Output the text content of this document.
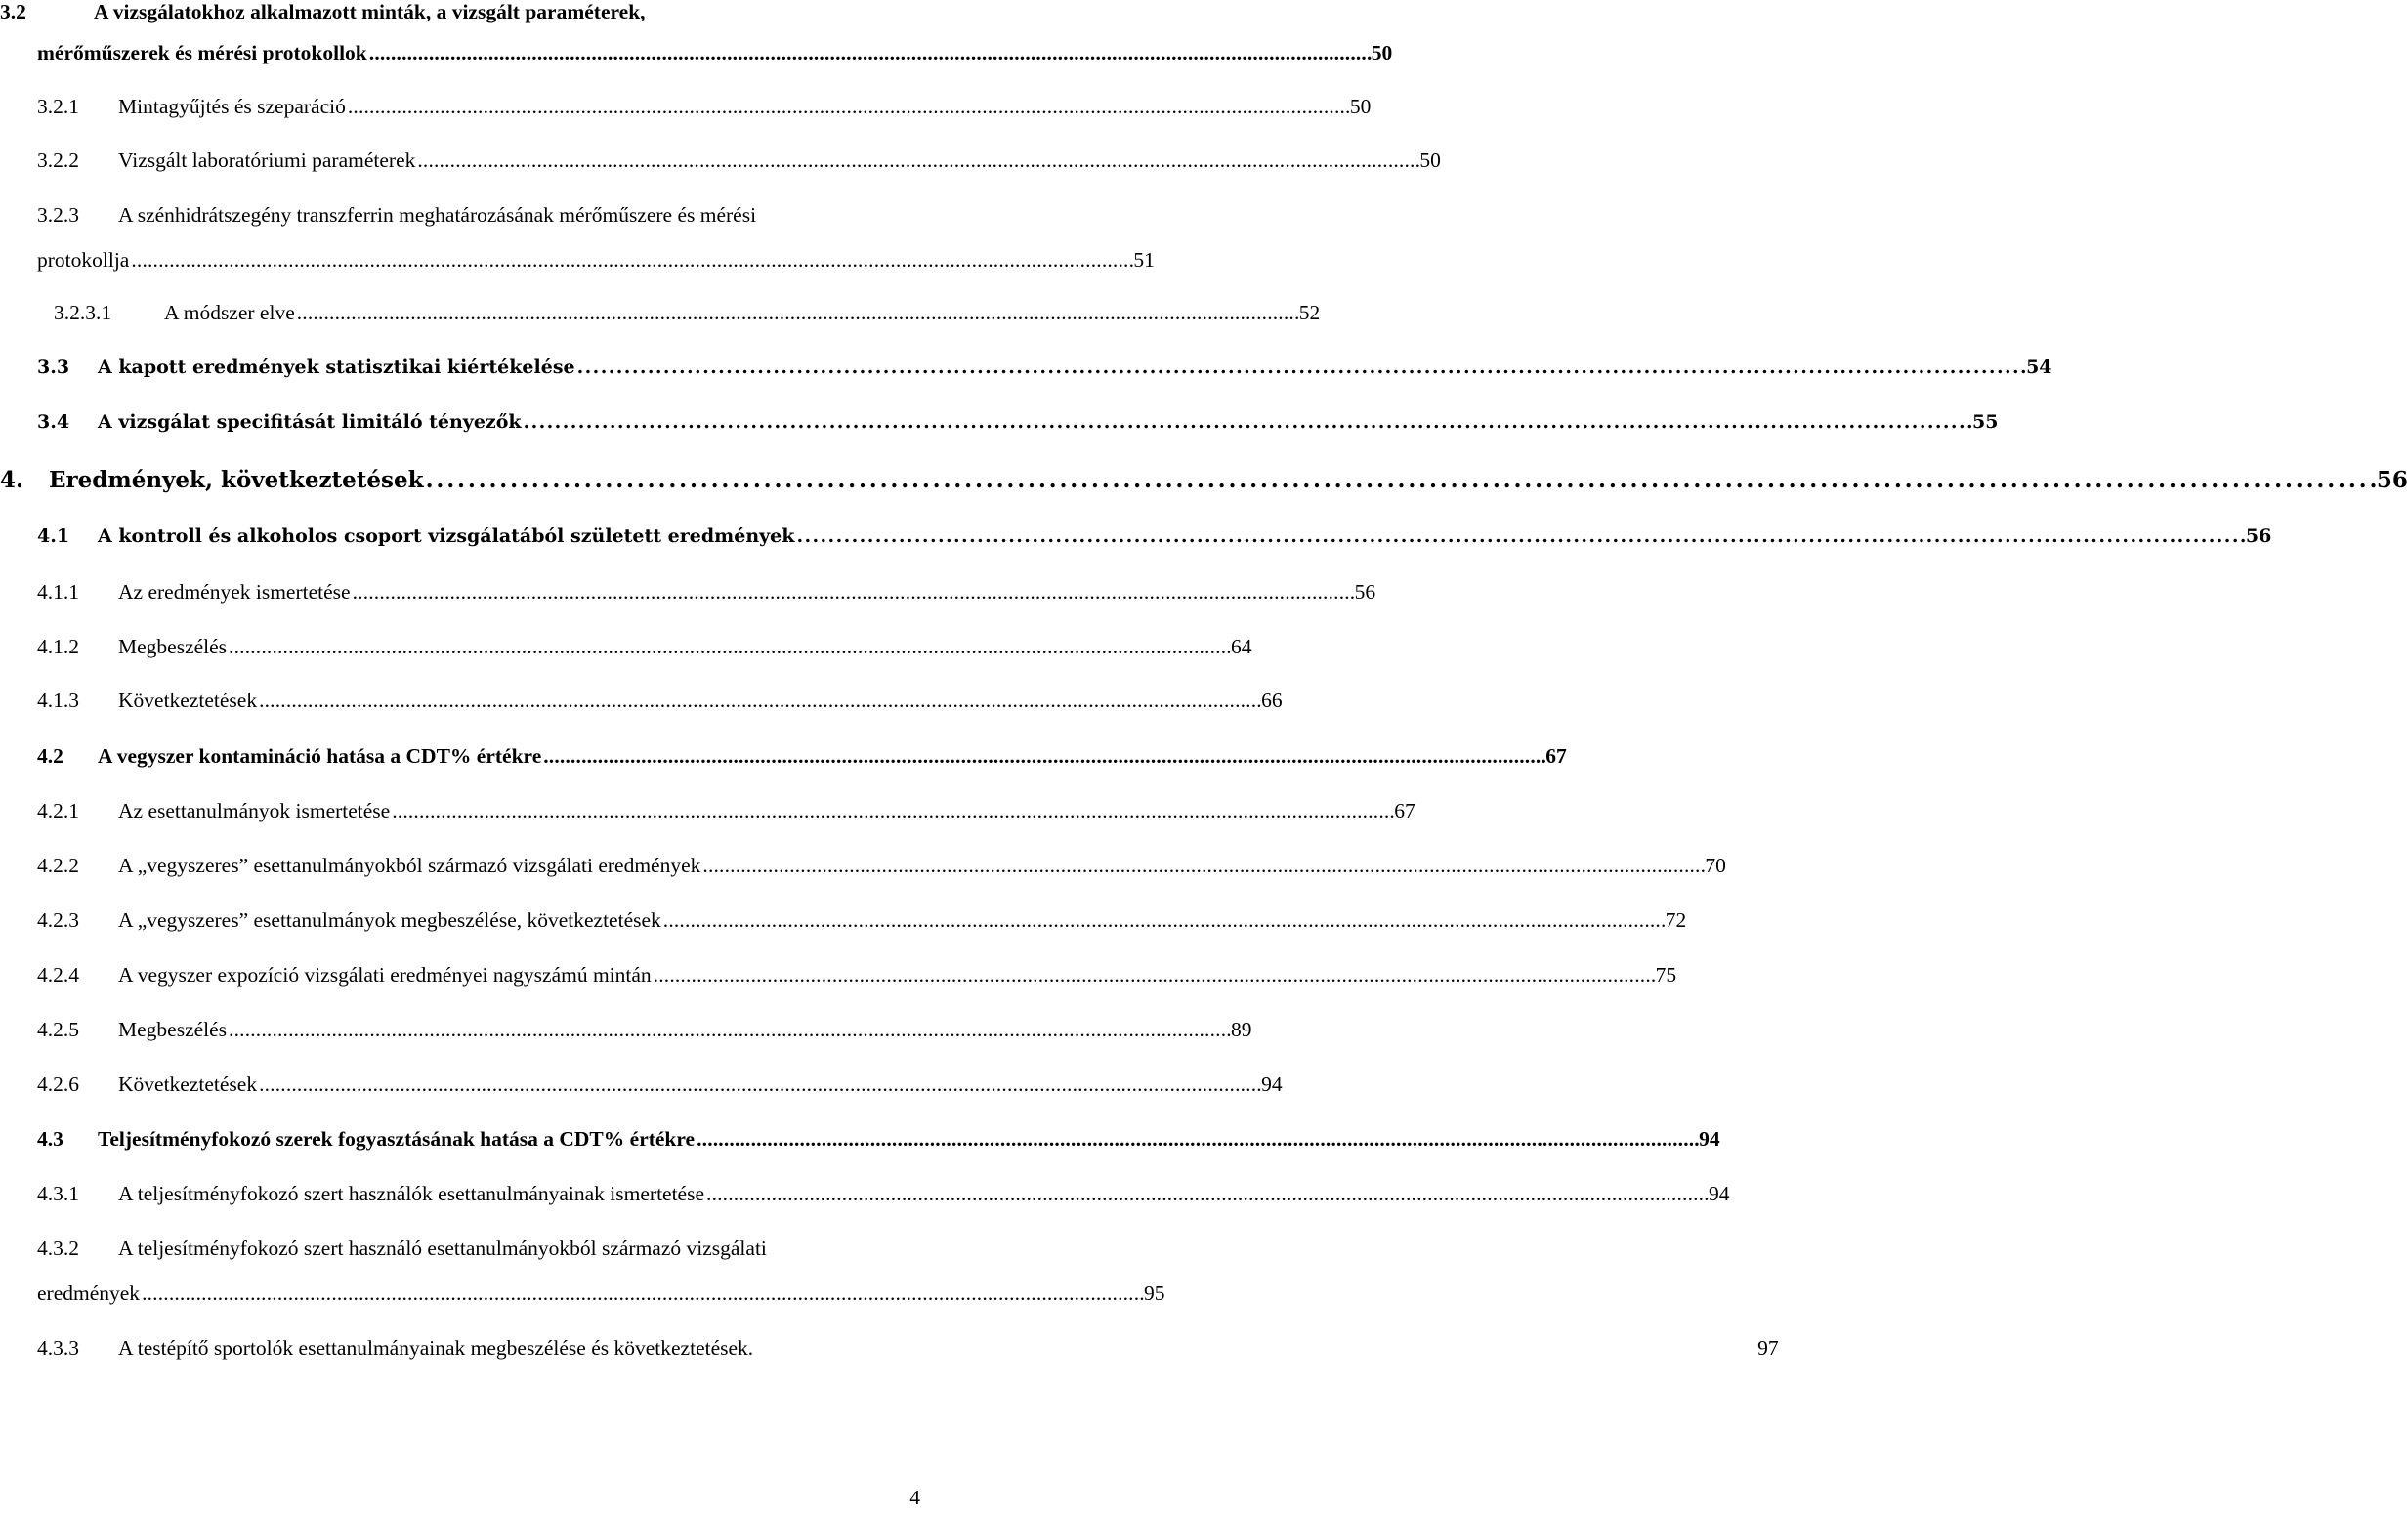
3.2	A vizsgálatokhoz alkalmazott minták, a vizsgált paraméterek,
mérőműszerek és mérési protokollok . . .	50
3.2.1	Mintagyűjtés és szeparáció . . .	50
3.2.2	Vizsgált laboratóriumi paraméterek . . .	50
3.2.3	A szénhidrátszegény transzferrin meghatározásának mérőműszere és mérési
protokollja . . .	51
3.2.3.1	A módszer elve . . .	52
3.3	A kapott eredmények statisztikai kiértékelése . . .	54
3.4	A vizsgálat specifitását limitáló tényezők . . .	55
4.	Eredmények, következtetések . . .	56
4.1	A kontroll és alkoholos csoport vizsgálatából született eredmények . . .	56
4.1.1	Az eredmények ismertetése . . .	56
4.1.2	Megbeszélés . . .	64
4.1.3	Következtetések . . .	66
4.2	A vegyszer kontamináció hatása a CDT% értékre . . .	67
4.2.1	Az esettanulmányok ismertetése . . .	67
4.2.2	A „vegyszeres” esettanulmányokból származó vizsgálati eredmények . . .	70
4.2.3	A „vegyszeres” esettanulmányok megbeszélése, következtetések . . .	72
4.2.4	A vegyszer expozíció vizsgálati eredményei nagyszámú mintán . . .	75
4.2.5	Megbeszélés . . .	89
4.2.6	Következtetések . . .	94
4.3	Teljesítményfokozó szerek fogyasztásának hatása a CDT% értékre . . .	94
4.3.1	A teljesítményfokozó szert használók esettanulmányainak ismertetése . . .	94
4.3.2	A teljesítményfokozó szert használó esettanulmányokból származó vizsgálati
eredmények . . .	95
4.3.3	A testépítő sportolók esettanulmányainak megbeszélése és következtetések.	97
4
